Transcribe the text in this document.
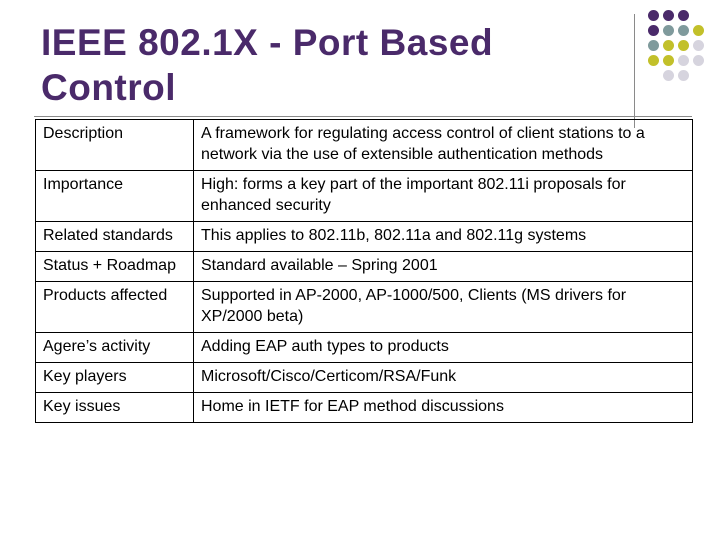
IEEE 802.1X - Port Based Control
Description	A framework for regulating access control of client stations to a network via the use of extensible authentication methods
Importance	High: forms a key part of the important 802.11i proposals for enhanced security
Related standards	This applies to 802.11b, 802.11a and 802.11g systems
Status + Roadmap	Standard available – Spring 2001
Products affected	Supported in AP-2000, AP-1000/500, Clients (MS drivers for XP/2000 beta)
Agere’s activity	Adding EAP auth types to products
Key players	Microsoft/Cisco/Certicom/RSA/Funk
Key issues	Home in IETF for EAP method discussions
